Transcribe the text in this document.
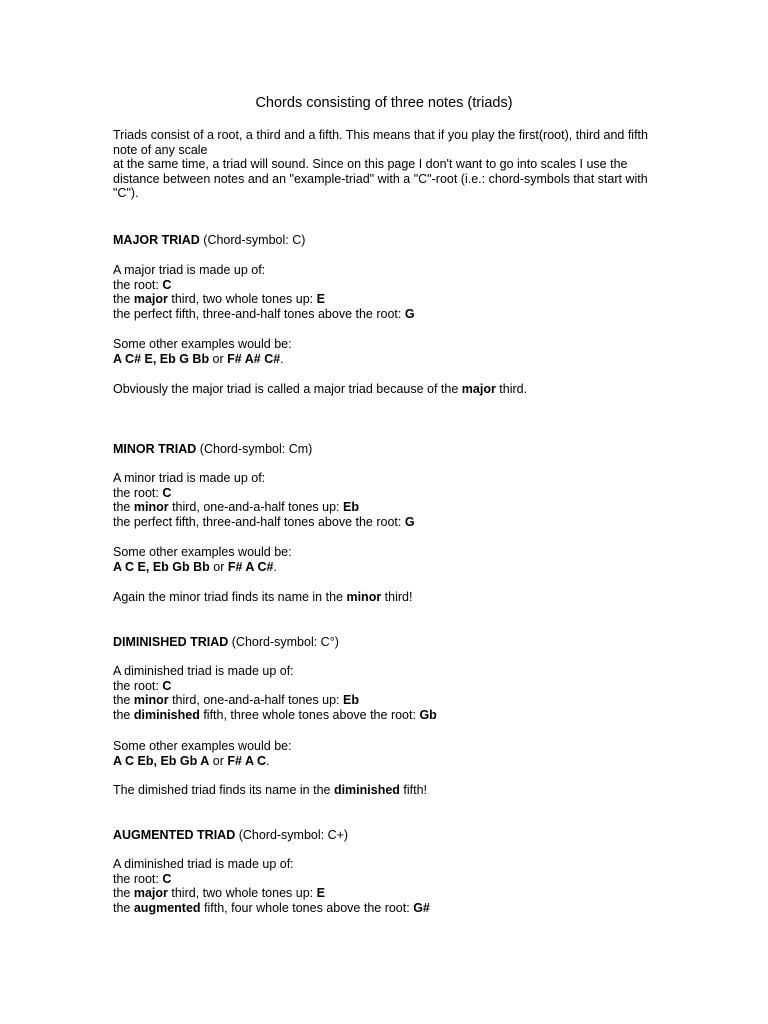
Chords consisting of three notes (triads)
Triads consist of a root, a third and a fifth. This means that if you play the first(root), third and fifth
note of any scale
at the same time, a triad will sound. Since on this page I don't want to go into scales I use the
distance between notes and an "example-triad" with a "C"-root (i.e.: chord-symbols that start with
"C").
MAJOR TRIAD (Chord-symbol: C)
A major triad is made up of:
the root: C
the major third, two whole tones up: E
the perfect fifth, three-and-half tones above the root: G
Some other examples would be:
A C# E, Eb G Bb or F# A# C#.
Obviously the major triad is called a major triad because of the major third.
MINOR TRIAD (Chord-symbol: Cm)
A minor triad is made up of:
the root: C
the minor third, one-and-a-half tones up: Eb
the perfect fifth, three-and-half tones above the root: G
Some other examples would be:
A C E, Eb Gb Bb or F# A C#.
Again the minor triad finds its name in the minor third!
DIMINISHED TRIAD (Chord-symbol: C°)
A diminished triad is made up of:
the root: C
the minor third, one-and-a-half tones up: Eb
the diminished fifth, three whole tones above the root: Gb
Some other examples would be:
A C Eb, Eb Gb A or F# A C.
The dimished triad finds its name in the diminished fifth!
AUGMENTED TRIAD (Chord-symbol: C+)
A diminished triad is made up of:
the root: C
the major third, two whole tones up: E
the augmented fifth, four whole tones above the root: G#
